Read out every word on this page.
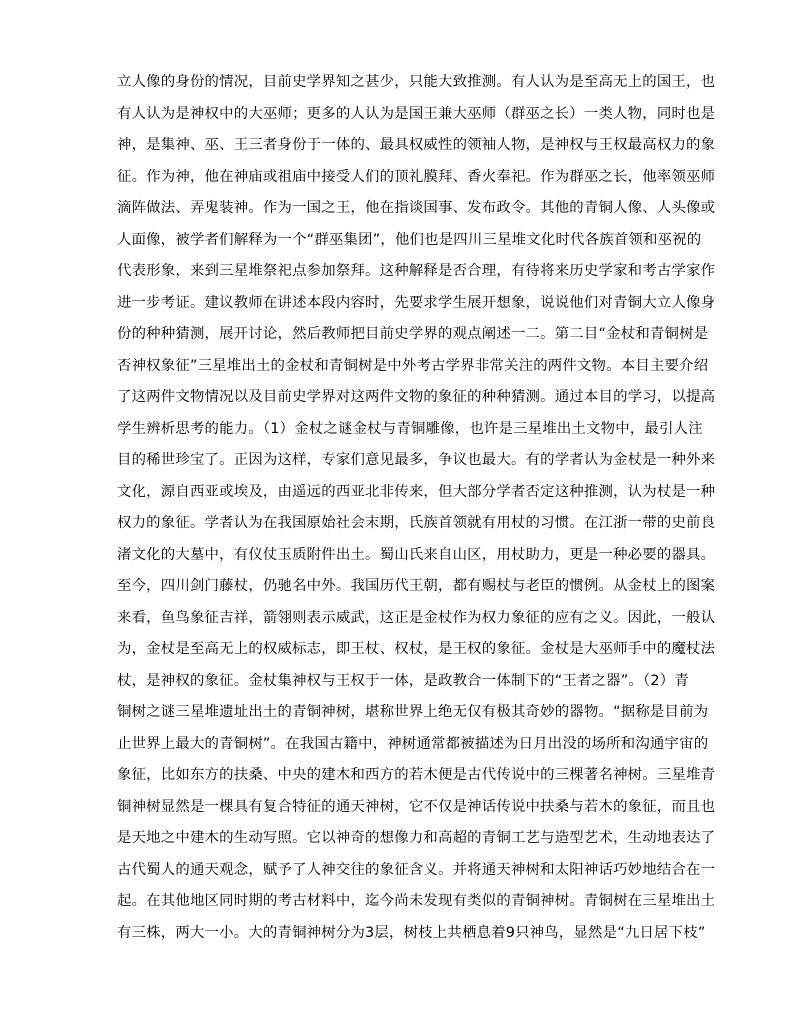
立人像的身份的情况，目前史学界知之甚少，只能大致推测。有人认为是至高无上的国王，也
有人认为是神权中的大巫师；更多的人认为是国王兼大巫师（群巫之长）一类人物，同时也是
神，是集神、巫、王三者身份于一体的、最具权威性的领袖人物，是神权与王权最高权力的象
征。作为神，他在神庙或祖庙中接受人们的顶礼膜拜、香火奉祀。作为群巫之长，他率领巫师
滴阵做法、弄鬼装神。作为一国之王，他在指谈国事、发布政令。其他的青铜人像、人头像或
人面像，被学者们解释为一个“群巫集团”，他们也是四川三星堆文化时代各族首领和巫祝的
代表形象，来到三星堆祭祀点参加祭拜。这种解释是否合理，有待将来历史学家和考古学家作
进一步考证。建议教师在讲述本段内容时，先要求学生展开想象，说说他们对青铜大立人像身
份的种种猜测，展开讨论，然后教师把目前史学界的观点阐述一二。第二目“金杖和青铜树是
否神权象征”三星堆出土的金杖和青铜树是中外考古学界非常关注的两件文物。本目主要介绍
了这两件文物情况以及目前史学界对这两件文物的象征的种种猜测。通过本目的学习，以提高
学生辨析思考的能力。（1）金杖之谜金杖与青铜雕像，也许是三星堆出土文物中，最引人注
目的稀世珍宝了。正因为这样，专家们意见最多，争议也最大。有的学者认为金杖是一种外来
文化，源自西亚或埃及，由遥远的西亚北非传来，但大部分学者否定这种推测，认为杖是一种
权力的象征。学者认为在我国原始社会末期，氏族首领就有用杖的习惯。在江浙一带的史前良
渚文化的大墓中，有仪仗玉质附件出土。蜀山氏来自山区，用杖助力，更是一种必要的器具。
至今，四川剑门藤杖，仍驰名中外。我国历代王朝，都有赐杖与老臣的惯例。从金杖上的图案
来看，鱼鸟象征吉祥，箭翎则表示威武，这正是金杖作为权力象征的应有之义。因此，一般认
为，金杖是至高无上的权威标志，即王杖、权杖，是王权的象征。金杖是大巫师手中的魔杖法
杖，是神权的象征。金杖集神权与王权于一体，是政教合一体制下的“王者之器”。（2）青
铜树之谜三星堆遗址出土的青铜神树，堪称世界上绝无仅有极其奇妙的器物。“据称是目前为
止世界上最大的青铜树”。在我国古籍中，神树通常都被描述为日月出没的场所和沟通宇宙的
象征，比如东方的扶桑、中央的建木和西方的若木便是古代传说中的三棵著名神树。三星堆青
铜神树显然是一棵具有复合特征的通天神树，它不仅是神话传说中扶桑与若木的象征，而且也
是天地之中建木的生动写照。它以神奇的想像力和高超的青铜工艺与造型艺术，生动地表达了
古代蜀人的通天观念，赋予了人神交往的象征含义。并将通天神树和太阳神话巧妙地结合在一
起。在其他地区同时期的考古材料中，迄今尚未发现有类似的青铜神树。青铜树在三星堆出土
有三株，两大一小。大的青铜神树分为3层，树枝上共栖息着9只神鸟，显然是“九日居下枝”
